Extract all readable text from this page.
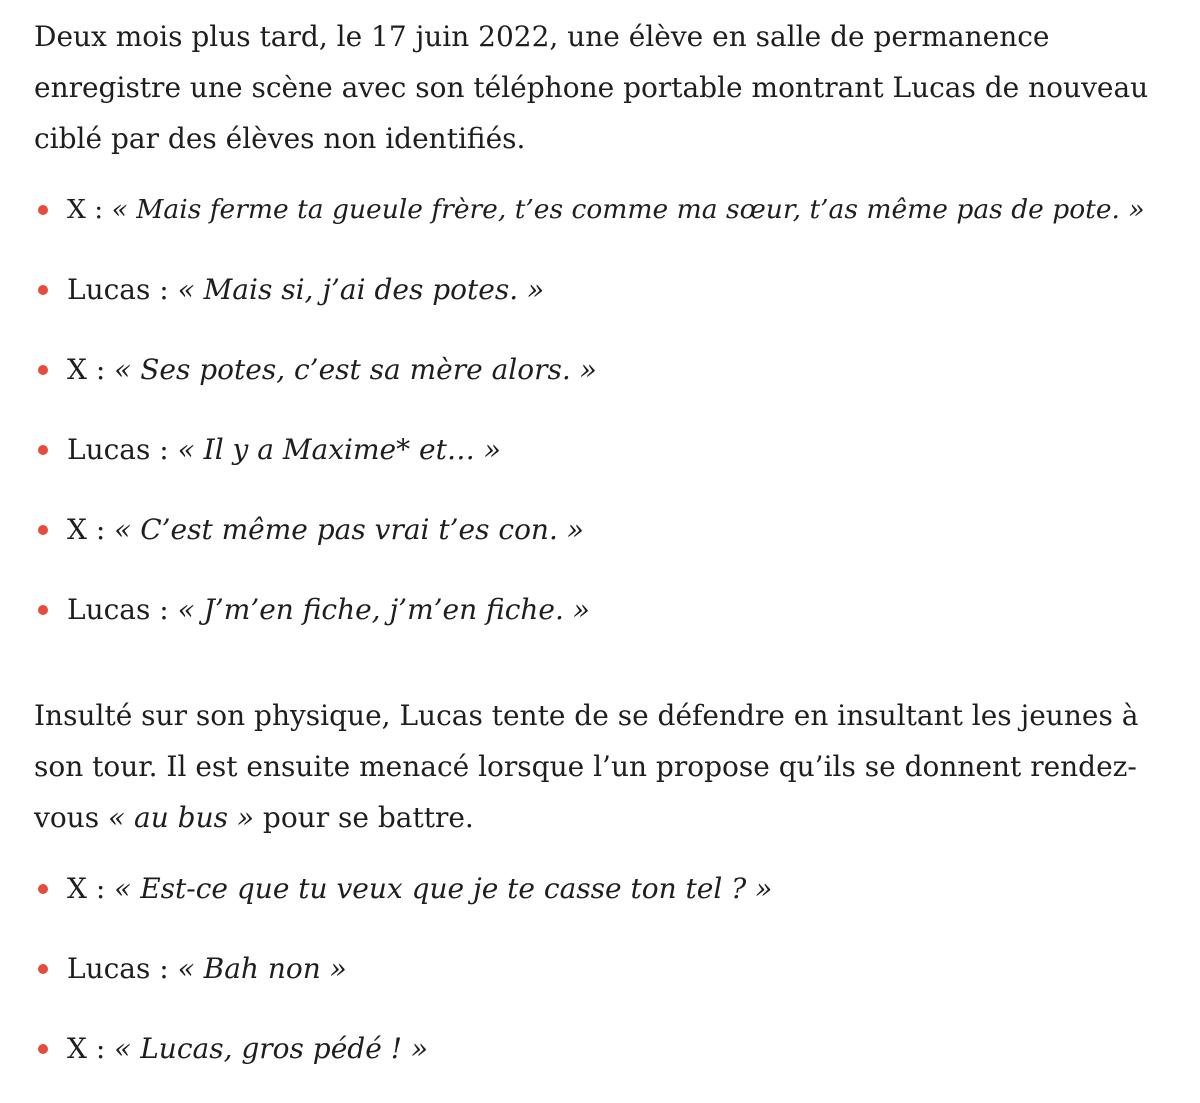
Deux mois plus tard, le 17 juin 2022, une élève en salle de permanence enregistre une scène avec son téléphone portable montrant Lucas de nouveau ciblé par des élèves non identifiés.

X : « Mais ferme ta gueule frère, t’es comme ma sœur, t’as même pas de pote. »
Lucas : « Mais si, j’ai des potes. »
X : « Ses potes, c’est sa mère alors. »
Lucas : « Il y a Maxime* et… »
X : « C’est même pas vrai t’es con. »
Lucas : « J’m’en fiche, j’m’en fiche. »

Insulté sur son physique, Lucas tente de se défendre en insultant les jeunes à son tour. Il est ensuite menacé lorsque l’un propose qu’ils se donnent rendez-vous « au bus » pour se battre.

X : « Est-ce que tu veux que je te casse ton tel ? »
Lucas : « Bah non »
X : « Lucas, gros pédé ! »
